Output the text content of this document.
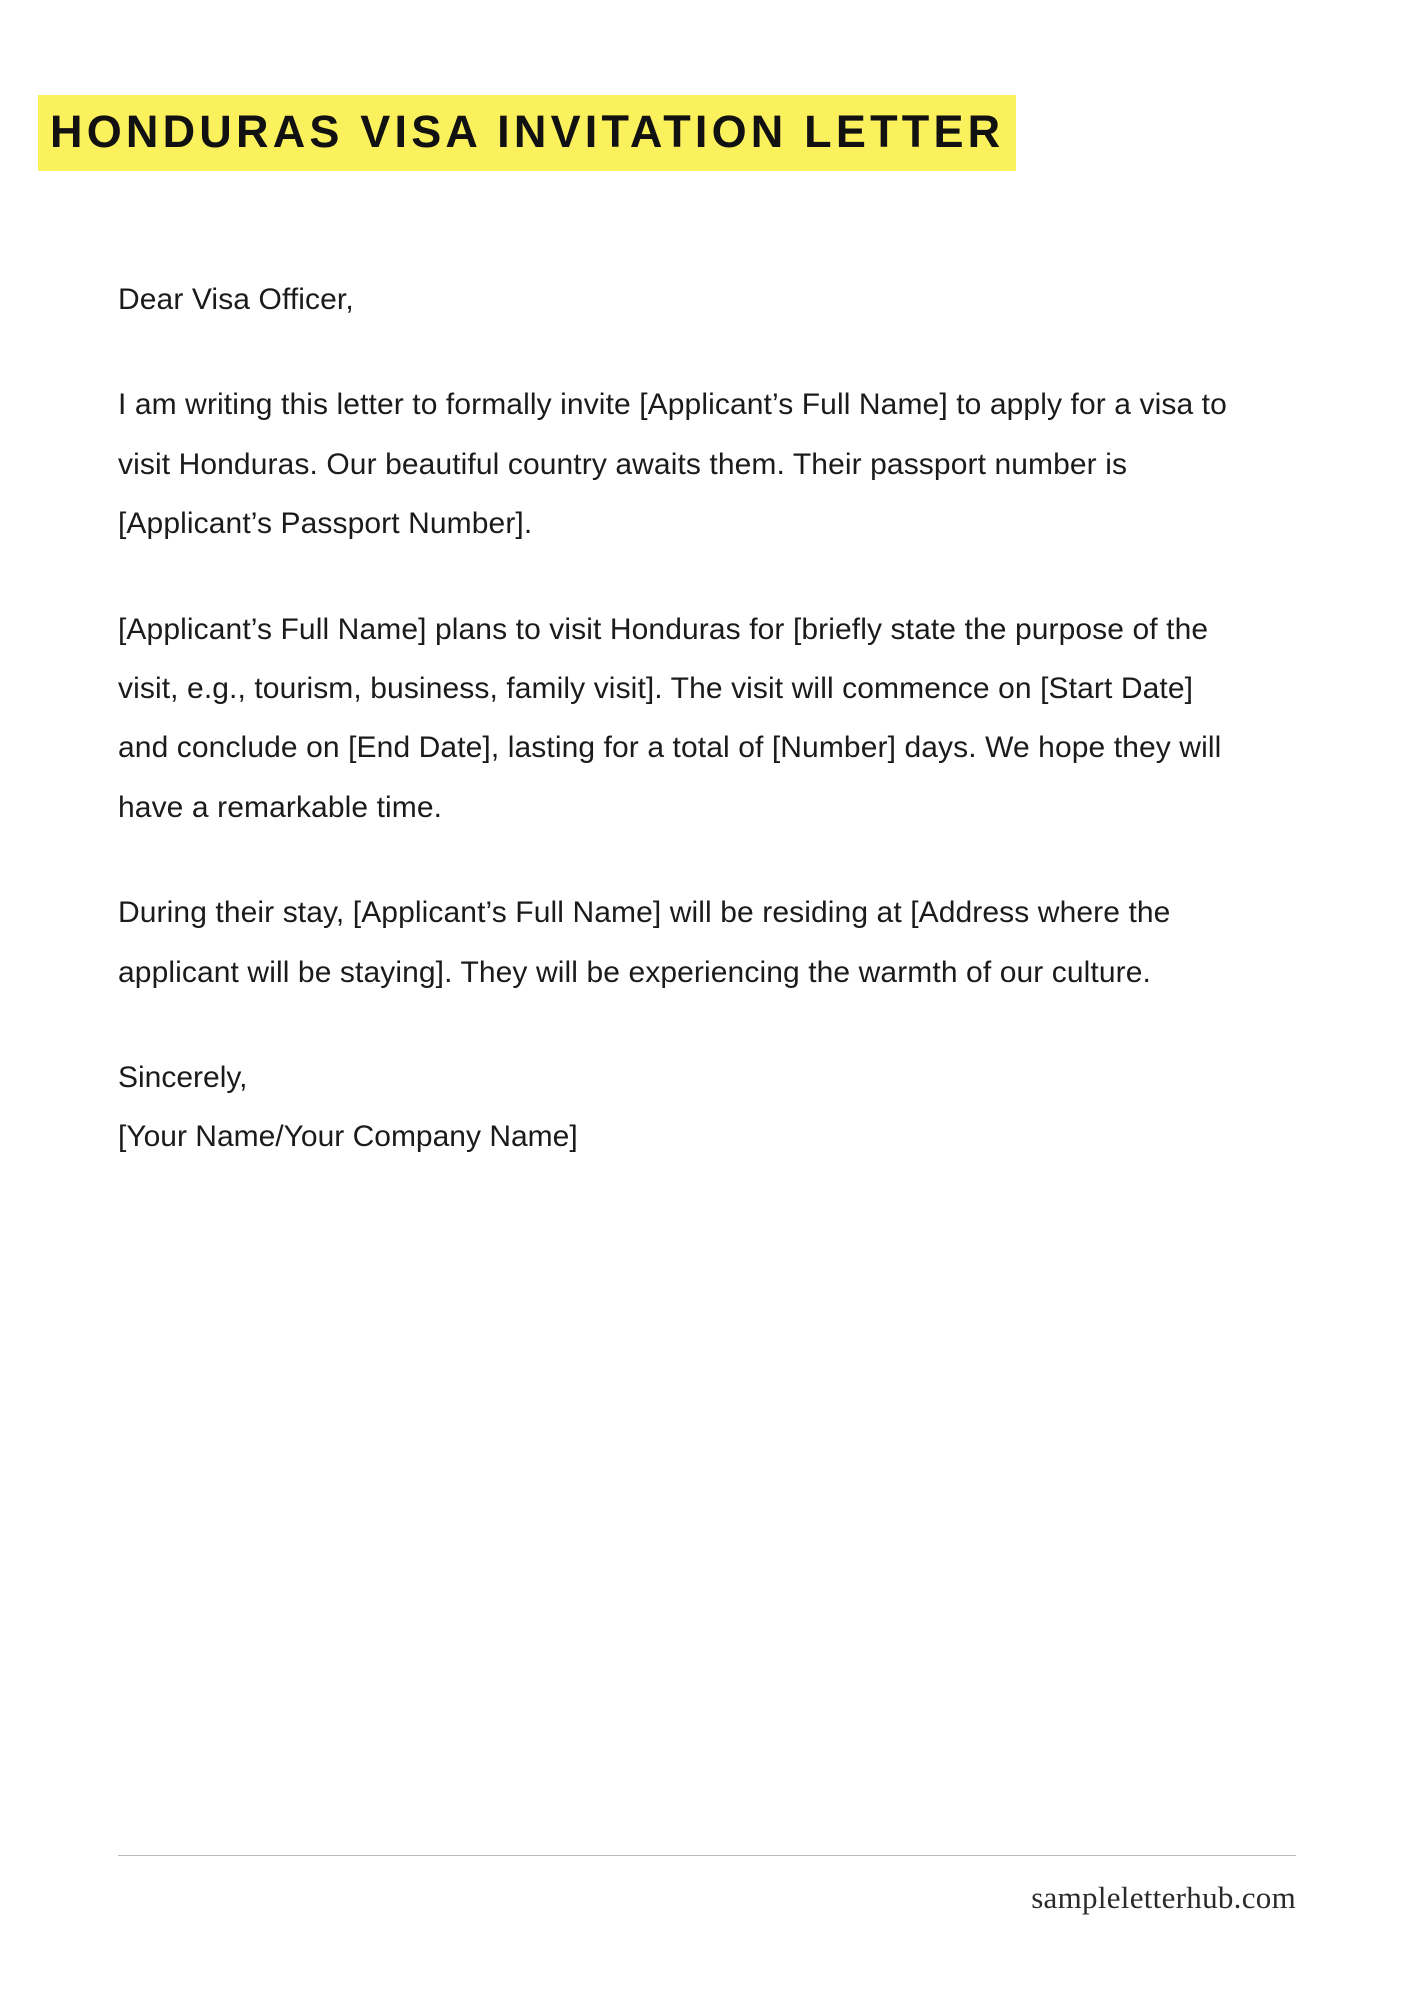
HONDURAS VISA INVITATION LETTER

Dear Visa Officer,

I am writing this letter to formally invite [Applicant’s Full Name] to apply for a visa to visit Honduras. Our beautiful country awaits them. Their passport number is [Applicant’s Passport Number].

[Applicant’s Full Name] plans to visit Honduras for [briefly state the purpose of the visit, e.g., tourism, business, family visit]. The visit will commence on [Start Date] and conclude on [End Date], lasting for a total of [Number] days. We hope they will have a remarkable time.

During their stay, [Applicant’s Full Name] will be residing at [Address where the applicant will be staying]. They will be experiencing the warmth of our culture.

Sincerely,

[Your Name/Your Company Name]

sampleletterhub.com
